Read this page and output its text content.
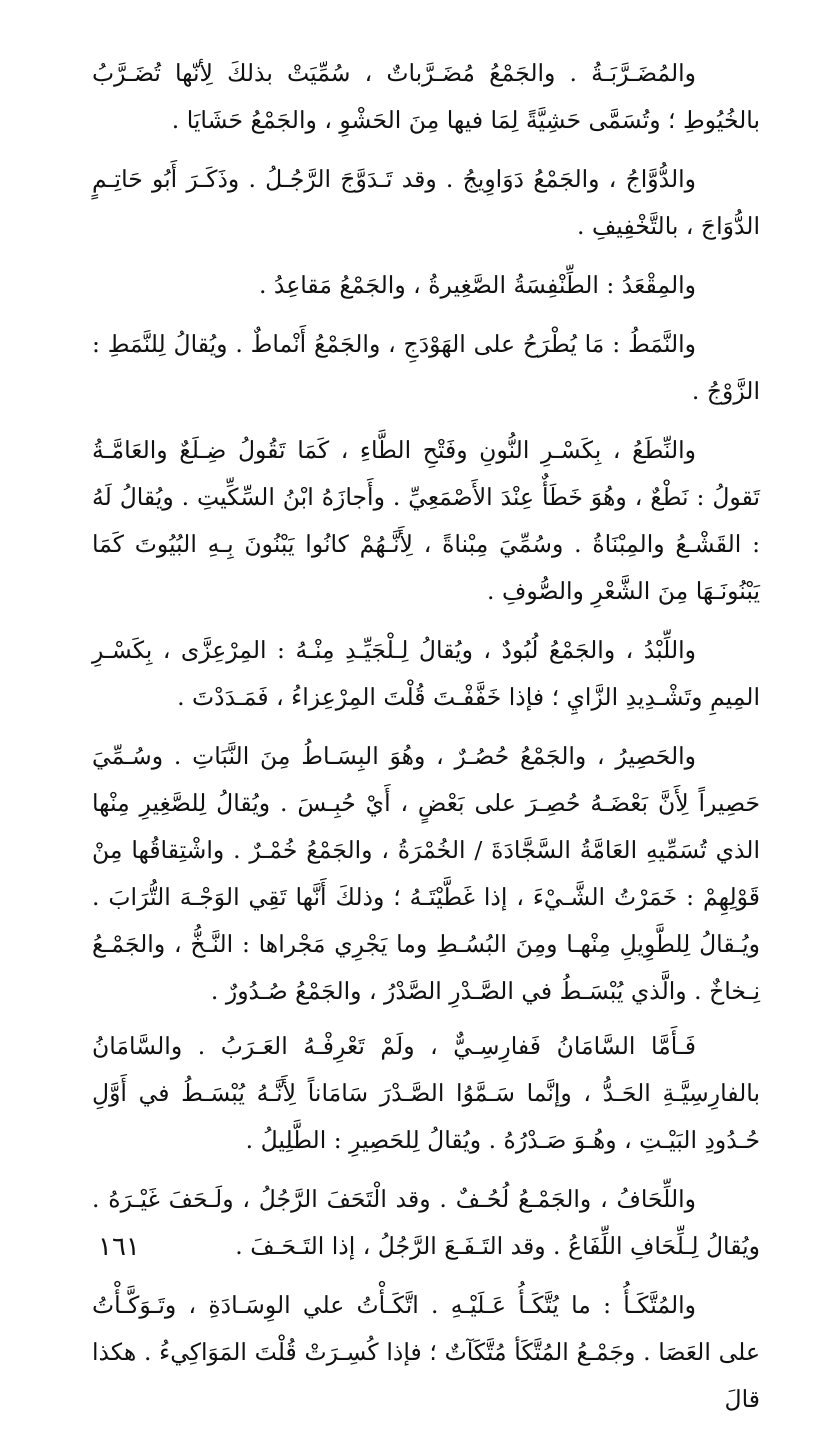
والمُضَـرَّبَـةُ . والجَمْعُ مُضَـرَّباتٌ ، سُمِّيَتْ بذلكَ لِأنّها تُضَـرَّبُ بالخُيُوطِ ؛ وتُسَمَّى حَشِيَّةً لِمَا فيها مِنَ الحَشْوِ ، والجَمْعُ حَشَايَا .

والدُّوَّاجُ ، والجَمْعُ دَوَاوِيجُ . وقد تَـدَوَّجَ الرَّجُـلُ . وذَكَـرَ أَبُو حَاتِـمٍ الدُّوَاجَ ، بالتَّخْفِيفِ .

والمِقْعَدُ : الطِّنْفِسَةُ الصَّغِيرةُ ، والجَمْعُ مَقاعِدُ .

والنَّمَطُ : مَا يُطْرَحُ على الهَوْدَجِ ، والجَمْعُ أَنْماطٌ . ويُقالُ لِلنَّمَطِ : الزَّوْجُ .

والنِّطَعُ ، بِكَسْـرِ النُّونِ وفَتْحِ الطَّاءِ ، كَمَا تَقُولُ ضِـلَعٌ والعَامَّـةُ تَقولُ : نَطْعٌ ، وهُوَ خَطَأٌ عِنْدَ الأَصْمَعِيِّ . وأَجازَهُ ابْنُ السِّكِّيتِ . ويُقالُ لَهُ : القَشْـعُ والمِبْنَاةُ . وسُمِّيَ مِبْناةً ، لِأَنَّـهُمْ كانُوا يَبْنُونَ بِـهِ البُيُوتَ كَمَا يَبْنُونَـهَا مِنَ الشَّعْرِ والصُّوفِ .

واللِّبْدُ ، والجَمْعُ لُبُودٌ ، ويُقالُ لِـلْجَيِّـدِ مِنْـهُ : المِرْعِزَّى ، بِكَسْـرِ المِيمِ وتَشْـدِيدِ الزَّايِ ؛ فإذا خَفَّفْـتَ قُلْتَ المِرْعِزاءُ ، فَمَـدَدْتَ .

والحَصِيرُ ، والجَمْعُ حُصُـرٌ ، وهُوَ البِسَـاطُ مِنَ النَّبَاتِ . وسُـمِّيَ حَصِيراً لِأَنَّ بَعْضَـهُ حُصِـرَ على بَعْضٍ ، أَيْ حُبِـسَ . ويُقالُ لِلصَّغِيرِ مِنْها الذي تُسَمِّيهِ العَامَّةُ السَّجَّادَةَ / الخُمْرَةُ ، والجَمْعُ خُمْـرٌ . واشْتِقاقُها مِنْ قَوْلِهِمْ : خَمَرْتُ الشَّـيْءَ ، إذا غَطَّيْتَـهُ ؛ وذلكَ أَنَّها تَقِي الوَجْـهَ التُّرَابَ . ويُـقالُ لِلطَّوِيلِ مِنْهـا ومِنَ البُسُـطِ وما يَجْرِي مَجْراها : النَّـخُّ ، والجَمْـعُ نِـخاخٌ . والَّذي يُبْسَـطُ في الصَّـدْرِ الصَّدْرُ ، والجَمْعُ صُـدُورٌ .

فَـأَمَّا السَّامَانُ فَفارِسِـيٌّ ، ولَمْ تَعْرِفْـهُ العَـرَبُ . والسَّامَانُ بالفارِسِيَّـةِ الحَـدُّ ، وإنَّما سَـمَّوُا الصَّـدْرَ سَامَاناً لِأَنَّـهُ يُبْسَـطُ في أَوَّلِ حُـدُودِ البَيْـتِ ، وهُـوَ صَـدْرُهُ . ويُقالُ لِلحَصِيرِ : الطَّلِيلُ .

واللِّحَافُ ، والجَمْـعُ لُحُـفٌ . وقد الْتَحَفَ الرَّجُلُ ، ولَـحَفَ غَيْـرَهُ . ويُقالُ لِـلِّحَافِ اللِّفَاعُ . وقد التَـفَـعَ الرَّجُلُ ، إذا التَـحَـفَ .

والمُتَّكَـأُ : ما يُتَّكَـأُ عَـلَيْـهِ . اتَّكَـأْتُ علي الوِسَـادَةِ ، وتَـوَكَّـأْتُ على العَصَا . وجَمْـعُ المُتَّكَأ مُتَّكَآتٌ ؛ فإذا كُسِـرَتْ قُلْتَ المَوَاكِيءُ . هكذا قالَ

١٦١
